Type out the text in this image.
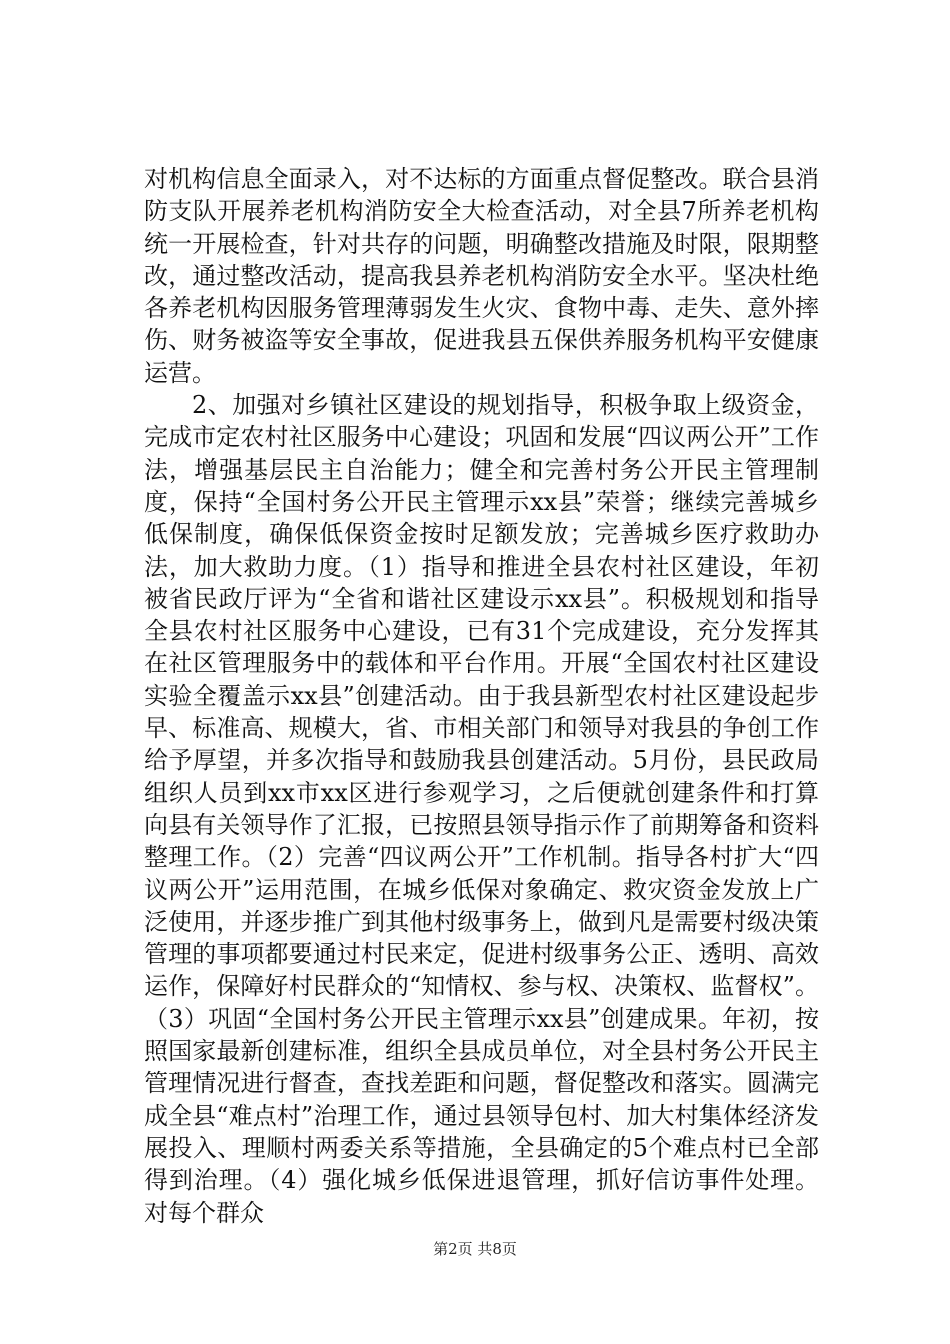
对机构信息全面录入，对不达标的方面重点督促整改。联合县消防支队开展养老机构消防安全大检查活动，对全县7所养老机构统一开展检查，针对共存的问题，明确整改措施及时限，限期整改，通过整改活动，提高我县养老机构消防安全水平。坚决杜绝各养老机构因服务管理薄弱发生火灾、食物中毒、走失、意外摔伤、财务被盗等安全事故，促进我县五保供养服务机构平安健康运营。

2、加强对乡镇社区建设的规划指导，积极争取上级资金，完成市定农村社区服务中心建设；巩固和发展“四议两公开”工作法，增强基层民主自治能力；健全和完善村务公开民主管理制度，保持“全国村务公开民主管理示xx县”荣誉；继续完善城乡低保制度，确保低保资金按时足额发放；完善城乡医疗救助办法，加大救助力度。（1）指导和推进全县农村社区建设，年初被省民政厅评为“全省和谐社区建设示xx县”。积极规划和指导全县农村社区服务中心建设，已有31个完成建设，充分发挥其在社区管理服务中的载体和平台作用。开展“全国农村社区建设实验全覆盖示xx县”创建活动。由于我县新型农村社区建设起步早、标准高、规模大，省、市相关部门和领导对我县的争创工作给予厚望，并多次指导和鼓励我县创建活动。5月份，县民政局组织人员到xx市xx区进行参观学习，之后便就创建条件和打算向县有关领导作了汇报，已按照县领导指示作了前期筹备和资料整理工作。（2）完善“四议两公开”工作机制。指导各村扩大“四议两公开”运用范围，在城乡低保对象确定、救灾资金发放上广泛使用，并逐步推广到其他村级事务上，做到凡是需要村级决策管理的事项都要通过村民来定，促进村级事务公正、透明、高效运作，保障好村民群众的“知情权、参与权、决策权、监督权”。（3）巩固“全国村务公开民主管理示xx县”创建成果。年初，按照国家最新创建标准，组织全县成员单位，对全县村务公开民主管理情况进行督查，查找差距和问题，督促整改和落实。圆满完成全县“难点村”治理工作，通过县领导包村、加大村集体经济发展投入、理顺村两委关系等措施，全县确定的5个难点村已全部得到治理。（4）强化城乡低保进退管理，抓好信访事件处理。对每个群众

第2页 共8页
